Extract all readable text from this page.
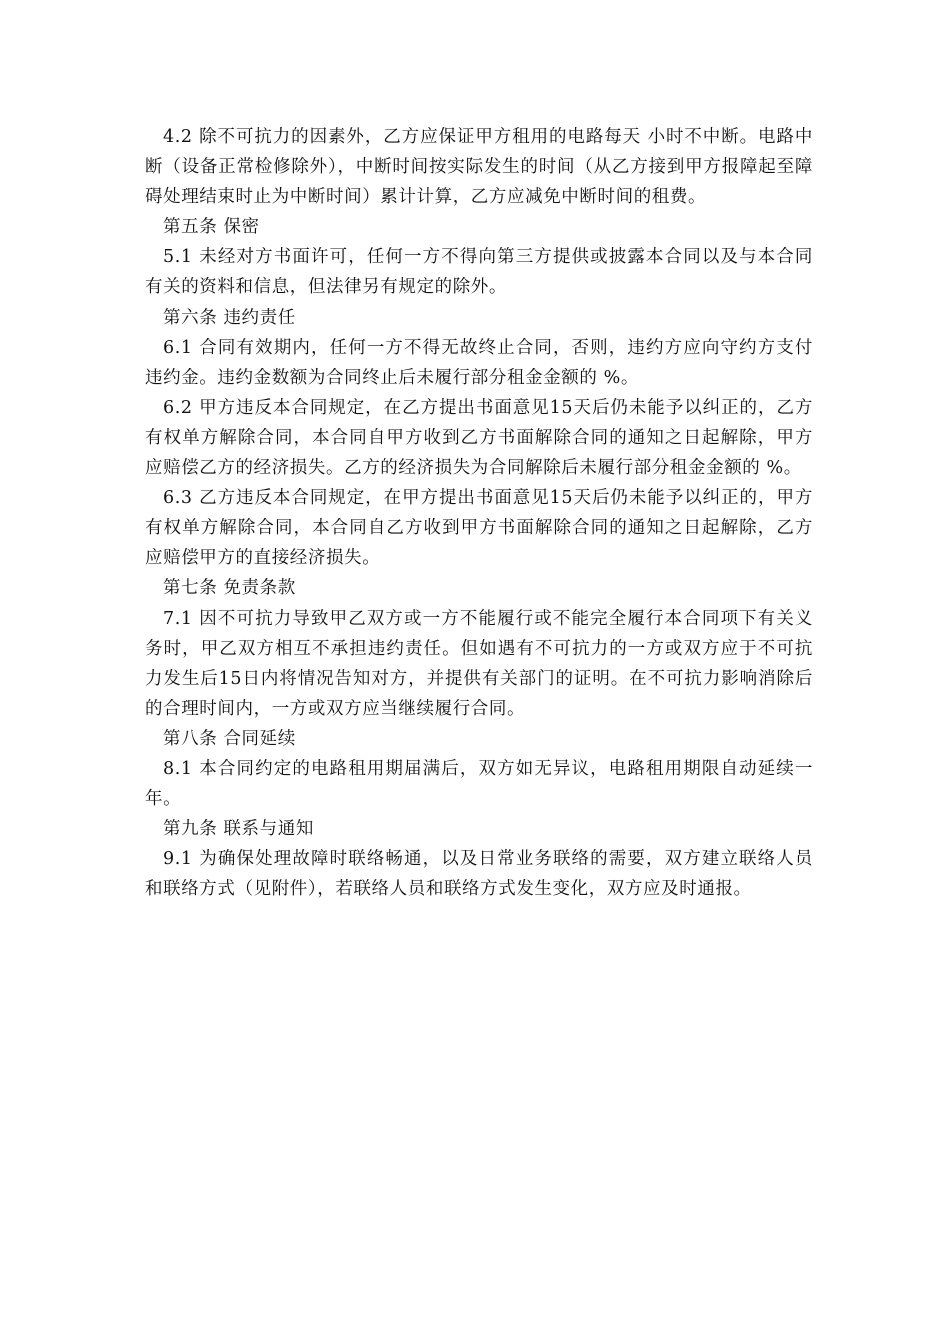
4.2 除不可抗力的因素外，乙方应保证甲方租用的电路每天 小时不中断。电路中断（设备正常检修除外），中断时间按实际发生的时间（从乙方接到甲方报障起至障碍处理结束时止为中断时间）累计计算，乙方应减免中断时间的租费。

第五条 保密

5.1 未经对方书面许可，任何一方不得向第三方提供或披露本合同以及与本合同有关的资料和信息，但法律另有规定的除外。

第六条 违约责任

6.1 合同有效期内，任何一方不得无故终止合同，否则，违约方应向守约方支付违约金。违约金数额为合同终止后未履行部分租金金额的 %。

6.2 甲方违反本合同规定，在乙方提出书面意见15天后仍未能予以纠正的，乙方有权单方解除合同，本合同自甲方收到乙方书面解除合同的通知之日起解除，甲方应赔偿乙方的经济损失。乙方的经济损失为合同解除后未履行部分租金金额的 %。

6.3 乙方违反本合同规定，在甲方提出书面意见15天后仍未能予以纠正的，甲方有权单方解除合同，本合同自乙方收到甲方书面解除合同的通知之日起解除，乙方应赔偿甲方的直接经济损失。

第七条 免责条款

7.1 因不可抗力导致甲乙双方或一方不能履行或不能完全履行本合同项下有关义务时，甲乙双方相互不承担违约责任。但如遇有不可抗力的一方或双方应于不可抗力发生后15日内将情况告知对方，并提供有关部门的证明。在不可抗力影响消除后的合理时间内，一方或双方应当继续履行合同。

第八条 合同延续

8.1 本合同约定的电路租用期届满后，双方如无异议，电路租用期限自动延续一年。

第九条 联系与通知

9.1 为确保处理故障时联络畅通，以及日常业务联络的需要，双方建立联络人员和联络方式（见附件），若联络人员和联络方式发生变化，双方应及时通报。
